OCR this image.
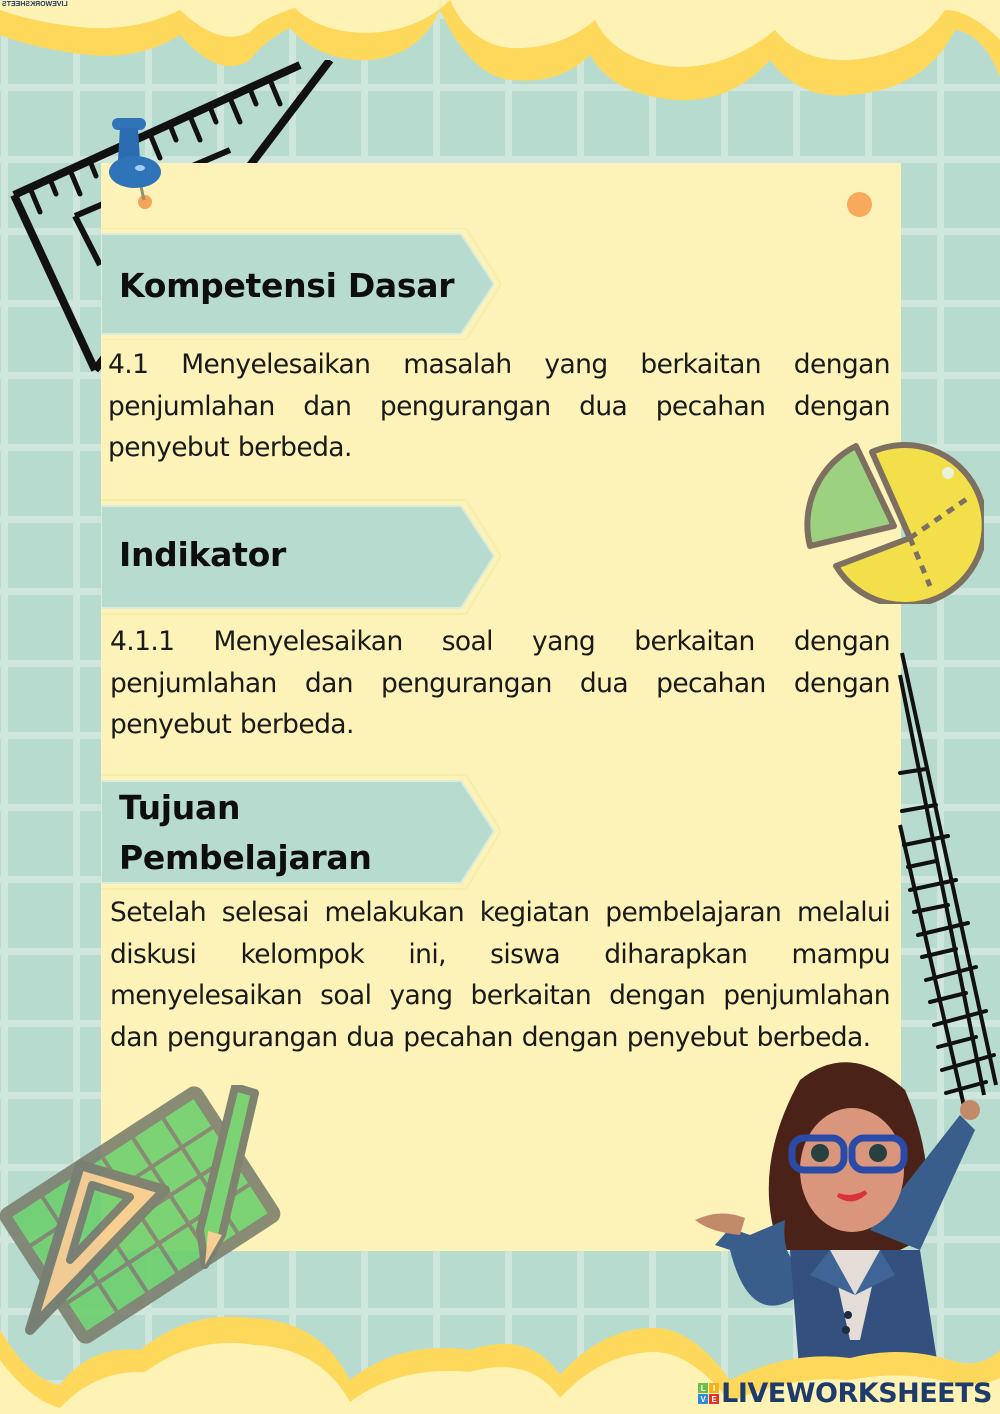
LIVEWORKSHEETS
Kompetensi Dasar
4.1 Menyelesaikan masalah yang berkaitan dengan penjumlahan dan pengurangan dua pecahan dengan penyebut berbeda.
Indikator
4.1.1 Menyelesaikan soal yang berkaitan dengan penjumlahan dan pengurangan dua pecahan dengan penyebut berbeda.
Tujuan
Pembelajaran
Setelah selesai melakukan kegiatan pembelajaran melalui diskusi kelompok ini, siswa diharapkan mampu menyelesaikan soal yang berkaitan dengan penjumlahan dan pengurangan dua pecahan dengan penyebut berbeda.
L I
V E LIVEWORKSHEETS
